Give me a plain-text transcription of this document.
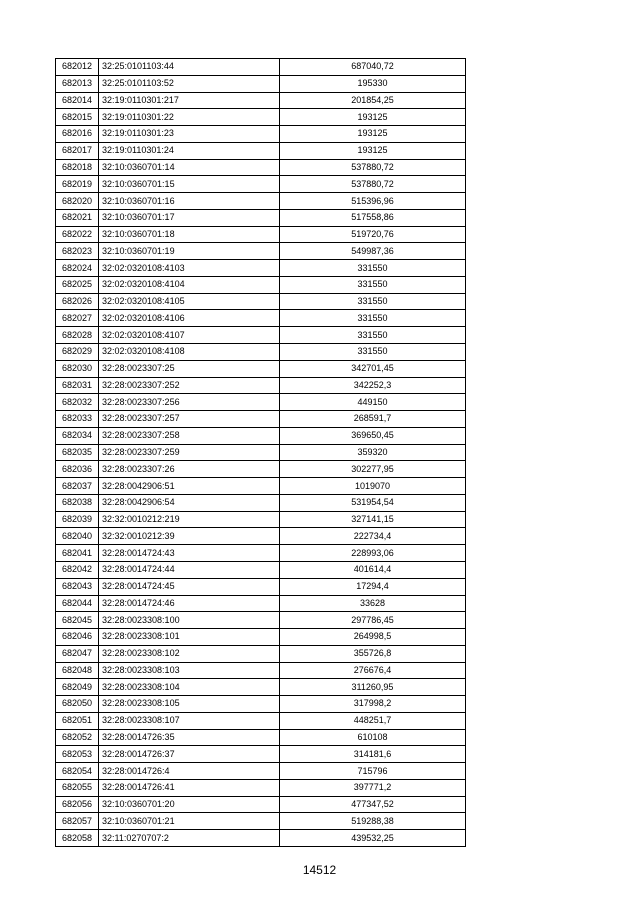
682012	32:25:0101103:44	687040,72
682013	32:25:0101103:52	195330
682014	32:19:0110301:217	201854,25
682015	32:19:0110301:22	193125
682016	32:19:0110301:23	193125
682017	32:19:0110301:24	193125
682018	32:10:0360701:14	537880,72
682019	32:10:0360701:15	537880,72
682020	32:10:0360701:16	515396,96
682021	32:10:0360701:17	517558,86
682022	32:10:0360701:18	519720,76
682023	32:10:0360701:19	549987,36
682024	32:02:0320108:4103	331550
682025	32:02:0320108:4104	331550
682026	32:02:0320108:4105	331550
682027	32:02:0320108:4106	331550
682028	32:02:0320108:4107	331550
682029	32:02:0320108:4108	331550
682030	32:28:0023307:25	342701,45
682031	32:28:0023307:252	342252,3
682032	32:28:0023307:256	449150
682033	32:28:0023307:257	268591,7
682034	32:28:0023307:258	369650,45
682035	32:28:0023307:259	359320
682036	32:28:0023307:26	302277,95
682037	32:28:0042906:51	1019070
682038	32:28:0042906:54	531954,54
682039	32:32:0010212:219	327141,15
682040	32:32:0010212:39	222734,4
682041	32:28:0014724:43	228993,06
682042	32:28:0014724:44	401614,4
682043	32:28:0014724:45	17294,4
682044	32:28:0014724:46	33628
682045	32:28:0023308:100	297786,45
682046	32:28:0023308:101	264998,5
682047	32:28:0023308:102	355726,8
682048	32:28:0023308:103	276676,4
682049	32:28:0023308:104	311260,95
682050	32:28:0023308:105	317998,2
682051	32:28:0023308:107	448251,7
682052	32:28:0014726:35	610108
682053	32:28:0014726:37	314181,6
682054	32:28:0014726:4	715796
682055	32:28:0014726:41	397771,2
682056	32:10:0360701:20	477347,52
682057	32:10:0360701:21	519288,38
682058	32:11:0270707:2	439532,25
14512
